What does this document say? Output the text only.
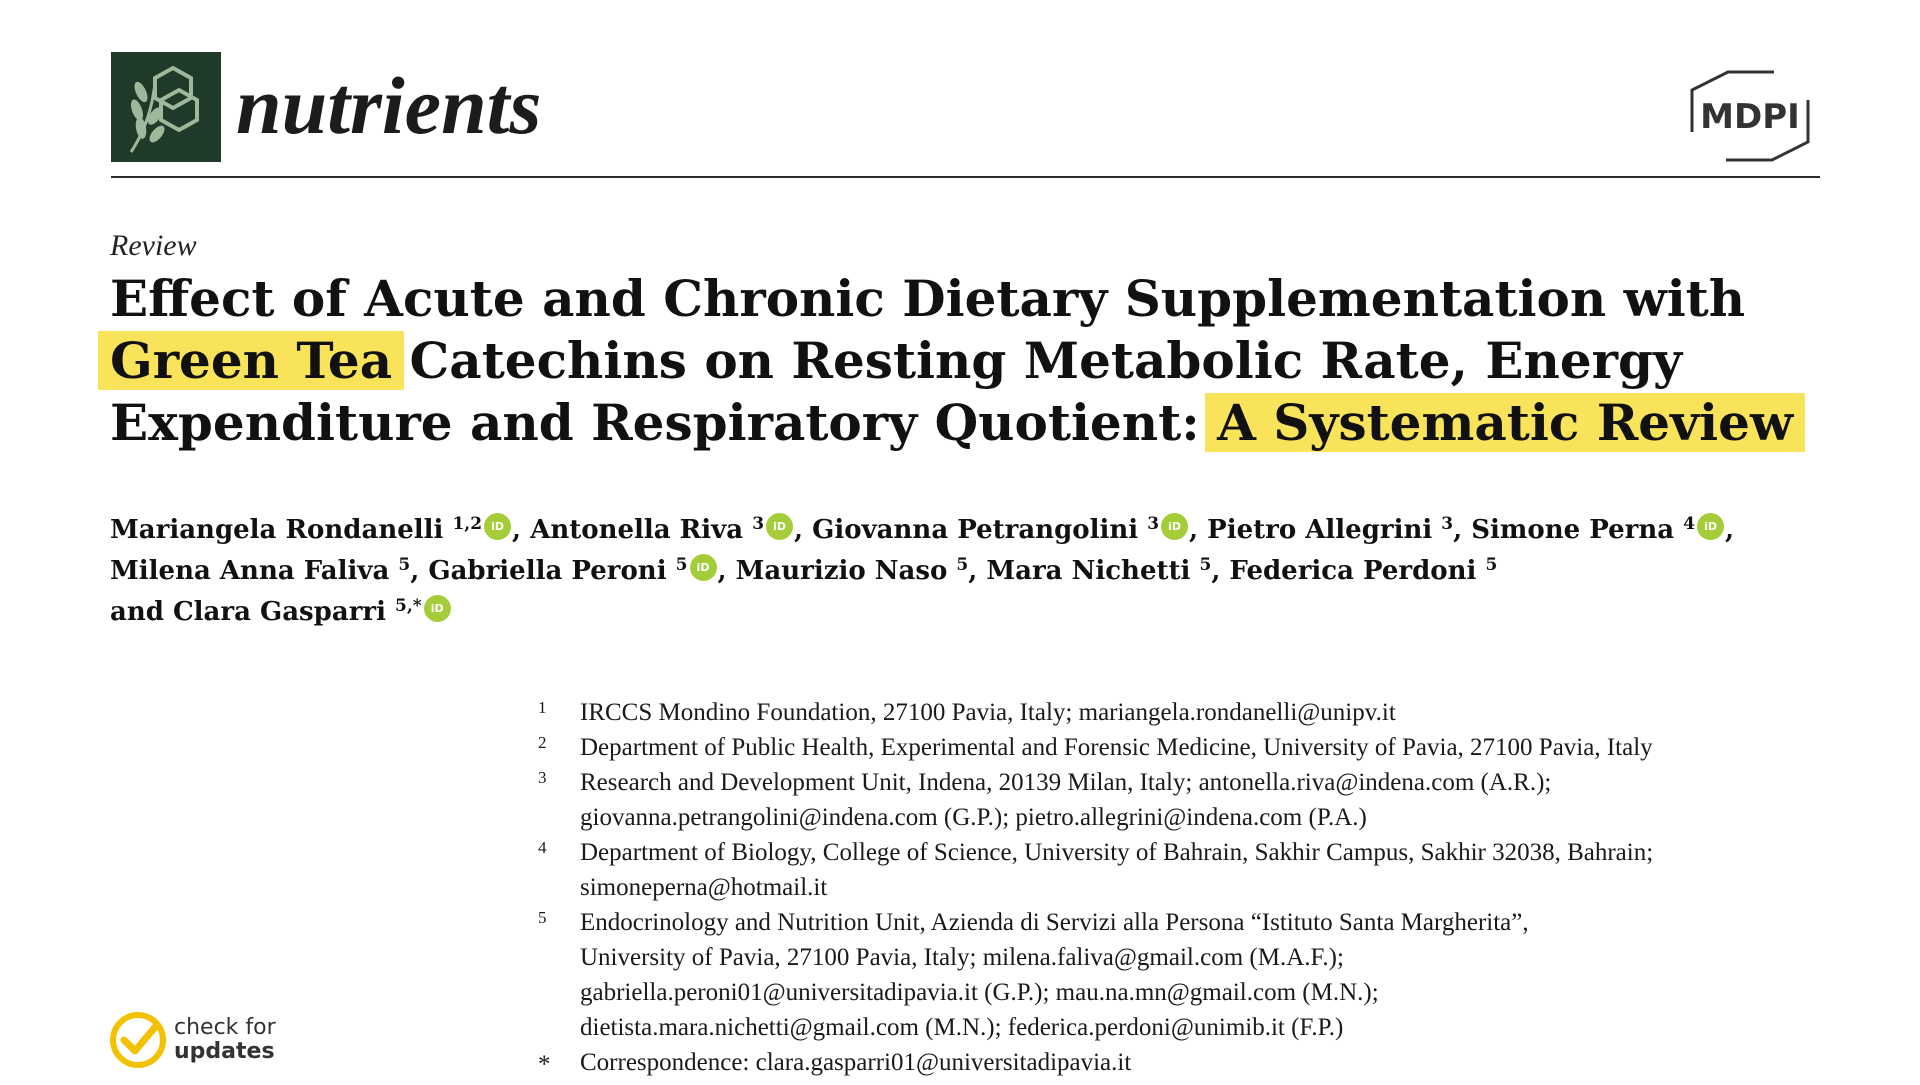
nutrients	MDPI
Review
Effect of Acute and Chronic Dietary Supplementation with
Green Tea Catechins on Resting Metabolic Rate, Energy
Expenditure and Respiratory Quotient: A Systematic Review
Mariangela Rondanelli $^{1,2}$ iD , Antonella Riva $^3$ iD , Giovanna Petrangolini $^3$ iD , Pietro Allegrini $^3$, Simone Perna $^4$ iD ,
Milena Anna Faliva $^5$, Gabriella Peroni $^5$ iD , Maurizio Naso $^5$, Mara Nichetti $^5$, Federica Perdoni $^5$
and Clara Gasparri $^{5,*}$ iD
1	IRCCS Mondino Foundation, 27100 Pavia, Italy; mariangela.rondanelli@unipv.it
2	Department of Public Health, Experimental and Forensic Medicine, University of Pavia, 27100 Pavia, Italy
3	Research and Development Unit, Indena, 20139 Milan, Italy; antonella.riva@indena.com (A.R.);
giovanna.petrangolini@indena.com (G.P.); pietro.allegrini@indena.com (P.A.)
4	Department of Biology, College of Science, University of Bahrain, Sakhir Campus, Sakhir 32038, Bahrain;
simoneperna@hotmail.it
5	Endocrinology and Nutrition Unit, Azienda di Servizi alla Persona “Istituto Santa Margherita”,
University of Pavia, 27100 Pavia, Italy; milena.faliva@gmail.com (M.A.F.);
gabriella.peroni01@universitadipavia.it (G.P.); mau.na.mn@gmail.com (M.N.);
dietista.mara.nichetti@gmail.com (M.N.); federica.perdoni@unimib.it (F.P.)
*	Correspondence: clara.gasparri01@universitadipavia.it
check for
updates
